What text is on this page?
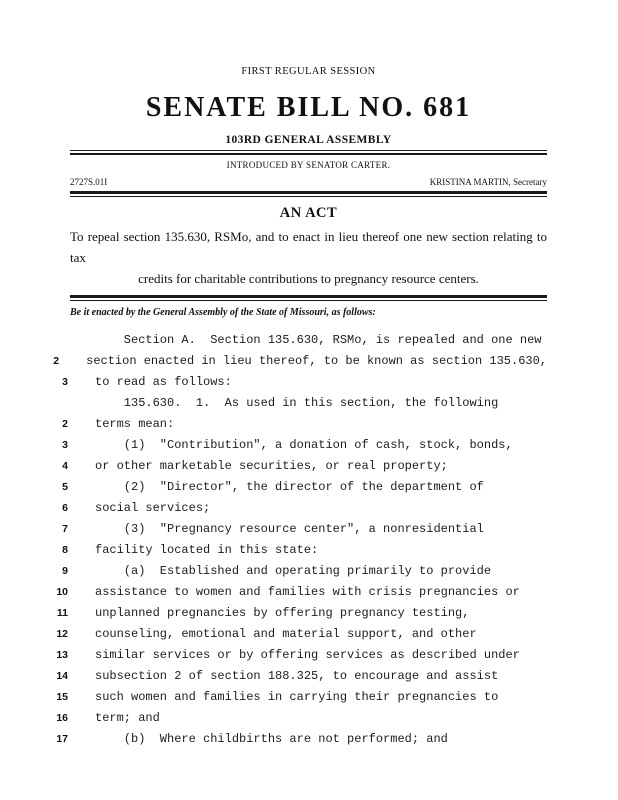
FIRST REGULAR SESSION
SENATE BILL NO. 681
103RD GENERAL ASSEMBLY
INTRODUCED BY SENATOR CARTER.
2727S.01I	KRISTINA MARTIN, Secretary
AN ACT
To repeal section 135.630, RSMo, and to enact in lieu thereof one new section relating to tax
credits for charitable contributions to pregnancy resource centers.
Be it enacted by the General Assembly of the State of Missouri, as follows:
Section A.  Section 135.630, RSMo, is repealed and one new
2 section enacted in lieu thereof, to be known as section 135.630,
3 to read as follows:
135.630.  1.  As used in this section, the following
2 terms mean:
3 (1)  "Contribution", a donation of cash, stock, bonds,
4 or other marketable securities, or real property;
5 (2)  "Director", the director of the department of
6 social services;
7 (3)  "Pregnancy resource center", a nonresidential
8 facility located in this state:
9 (a)  Established and operating primarily to provide
10 assistance to women and families with crisis pregnancies or
11 unplanned pregnancies by offering pregnancy testing,
12 counseling, emotional and material support, and other
13 similar services or by offering services as described under
14 subsection 2 of section 188.325, to encourage and assist
15 such women and families in carrying their pregnancies to
16 term; and
17 (b)  Where childbirths are not performed; and
